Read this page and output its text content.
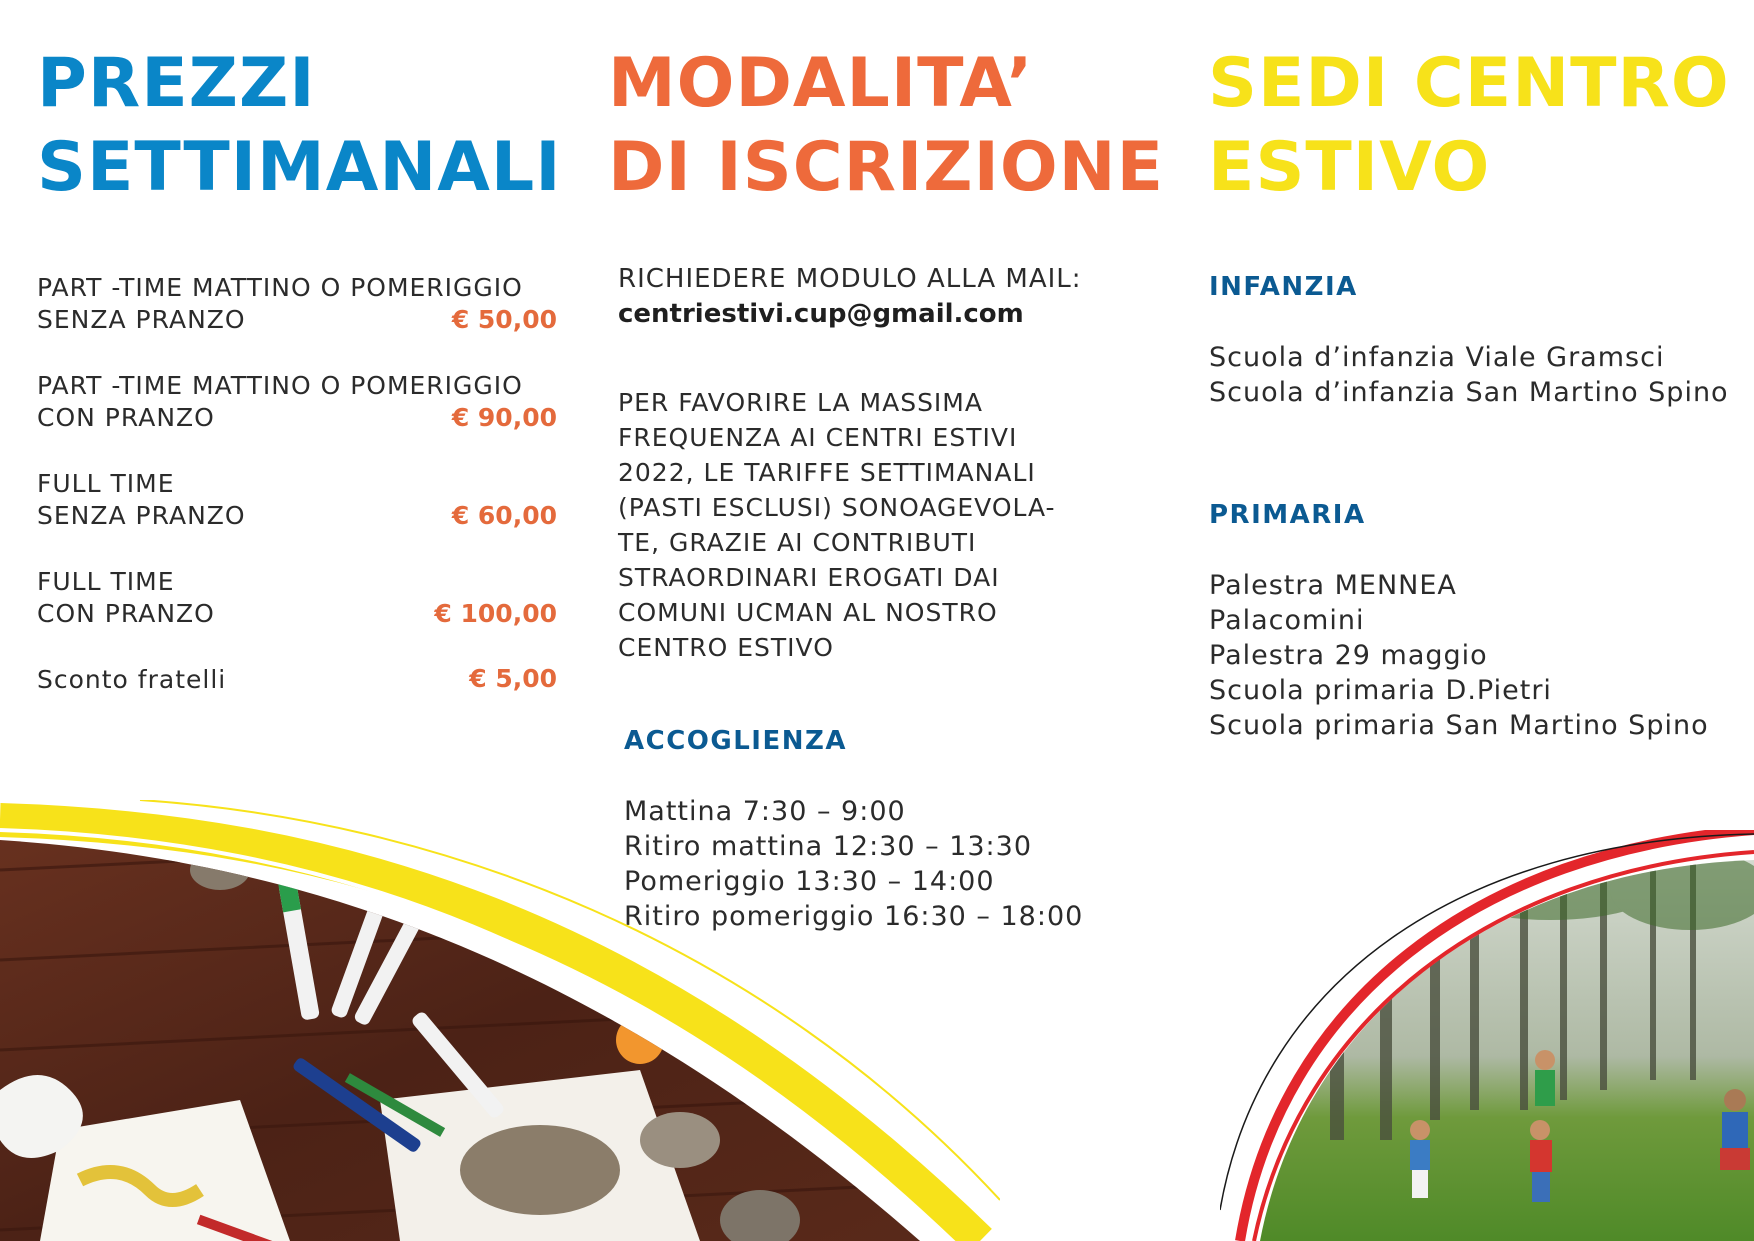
PREZZI
SETTIMANALI
PART -TIME MATTINO O POMERIGGIO
SENZA PRANZO	€ 50,00
PART -TIME MATTINO O POMERIGGIO
CON PRANZO	€ 90,00
FULL TIME
SENZA PRANZO	€ 60,00
FULL TIME
CON PRANZO	€ 100,00
Sconto fratelli	€ 5,00
MODALITA’
DI ISCRIZIONE
RICHIEDERE MODULO ALLA MAIL:
centriestivi.cup@gmail.com
PER FAVORIRE LA MASSIMA
FREQUENZA AI CENTRI ESTIVI
2022, LE TARIFFE SETTIMANALI
(PASTI ESCLUSI) SONOAGEVOLA-
TE, GRAZIE AI CONTRIBUTI
STRAORDINARI EROGATI DAI
COMUNI UCMAN AL NOSTRO
CENTRO ESTIVO
ACCOGLIENZA
Mattina 7:30 – 9:00
Ritiro mattina 12:30 – 13:30
Pomeriggio 13:30 – 14:00
Ritiro pomeriggio 16:30 – 18:00
SEDI CENTRO
ESTIVO
INFANZIA
Scuola d’infanzia Viale Gramsci
Scuola d’infanzia San Martino Spino
PRIMARIA
Palestra MENNEA
Palacomini
Palestra 29 maggio
Scuola primaria D.Pietri
Scuola primaria San Martino Spino
